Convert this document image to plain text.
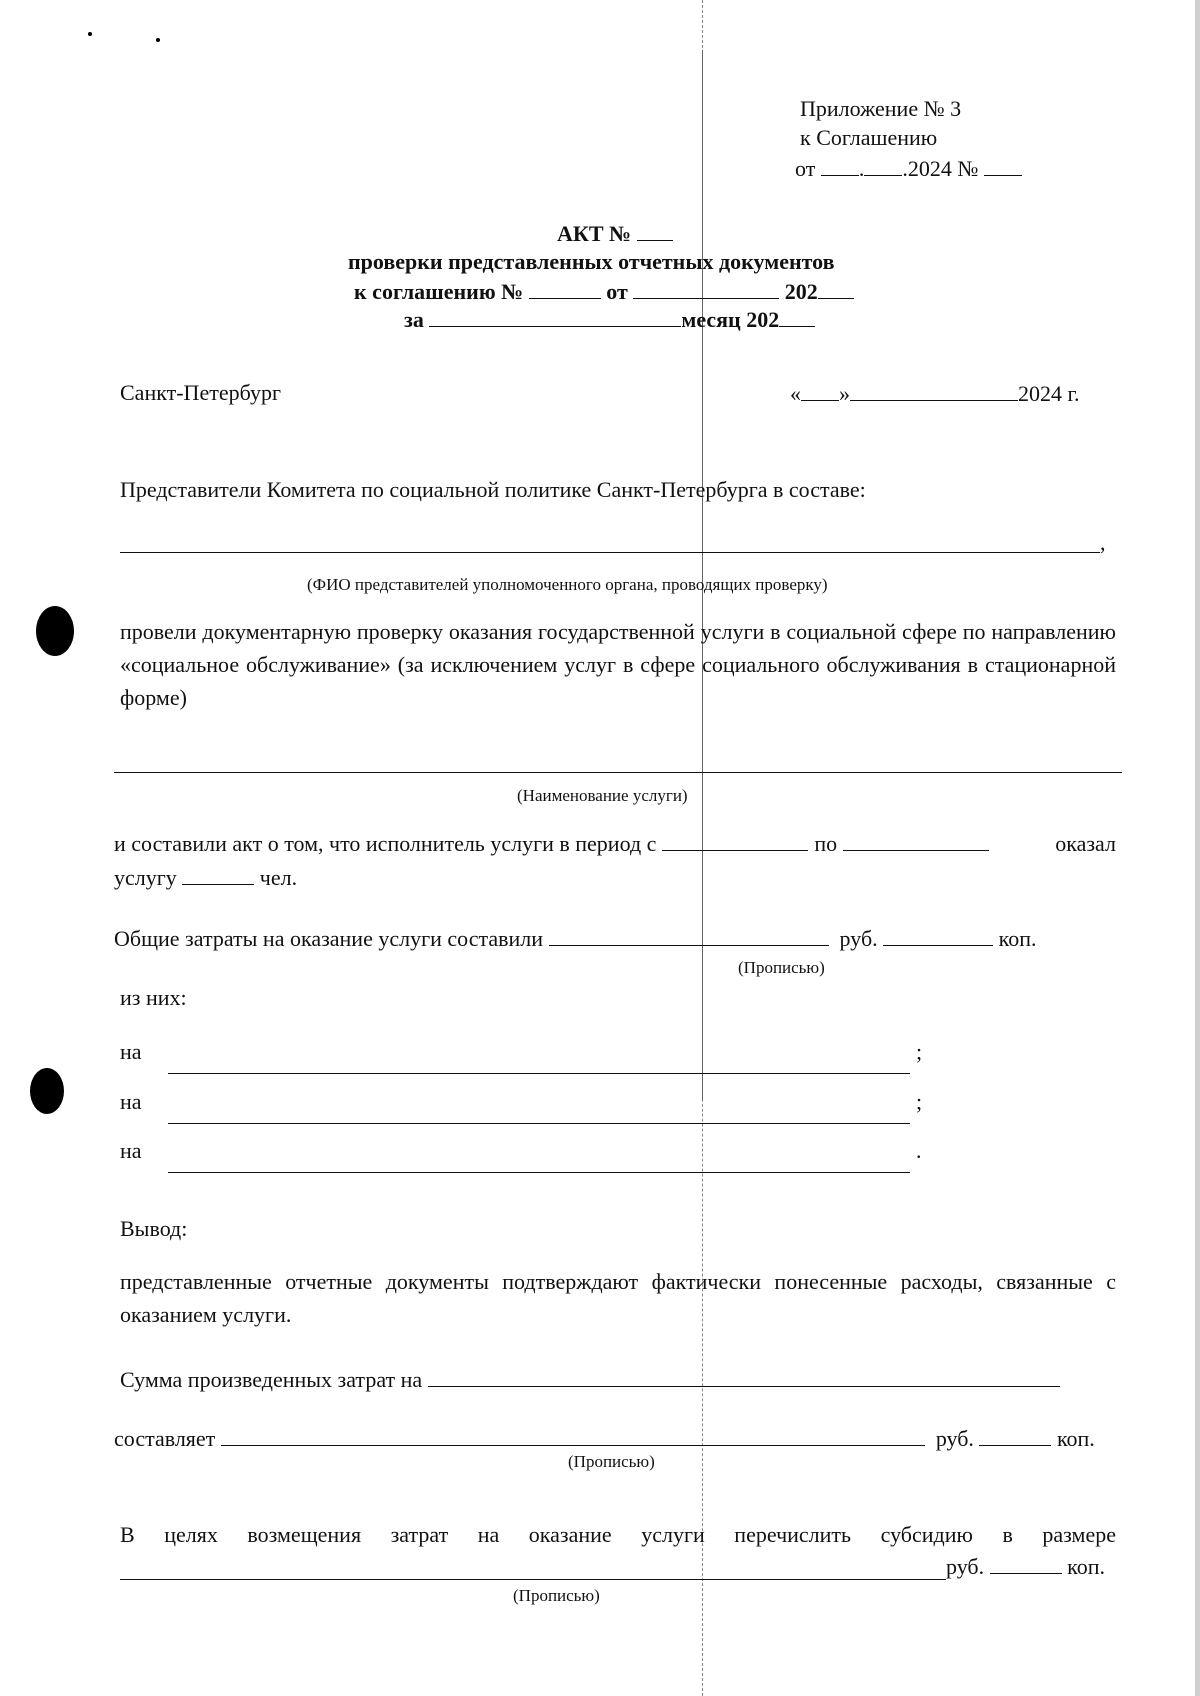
Приложение № 3
к Соглашению
от . .2024 №
АКТ №
проверки представленных отчетных документов
к соглашению №	от	202
за	месяц 202
Санкт-Петербург	« »	2024 г.
Представители Комитета по социальной политике Санкт-Петербурга в составе:
,
(ФИО представителей уполномоченного органа, проводящих проверку)
провели документарную проверку оказания государственной услуги в социальной сфере по направлению «социальное обслуживание» (за исключением услуг в сфере социального обслуживания в стационарной форме)
(Наименование услуги)
и составили акт о том, что исполнитель услуги в период с	по	оказал
услугу	чел.
Общие затраты на оказание услуги составили	руб.	коп.
(Прописью)
из них:
на	;
на	;
на	.
Вывод:
представленные отчетные документы подтверждают фактически понесенные расходы, связанные с оказанием услуги.
Сумма произведенных затрат на
составляет	руб.	коп.
(Прописью)
В целях возмещения затрат на оказание услуги перечислить субсидию в размере
руб.	коп.
(Прописью)
